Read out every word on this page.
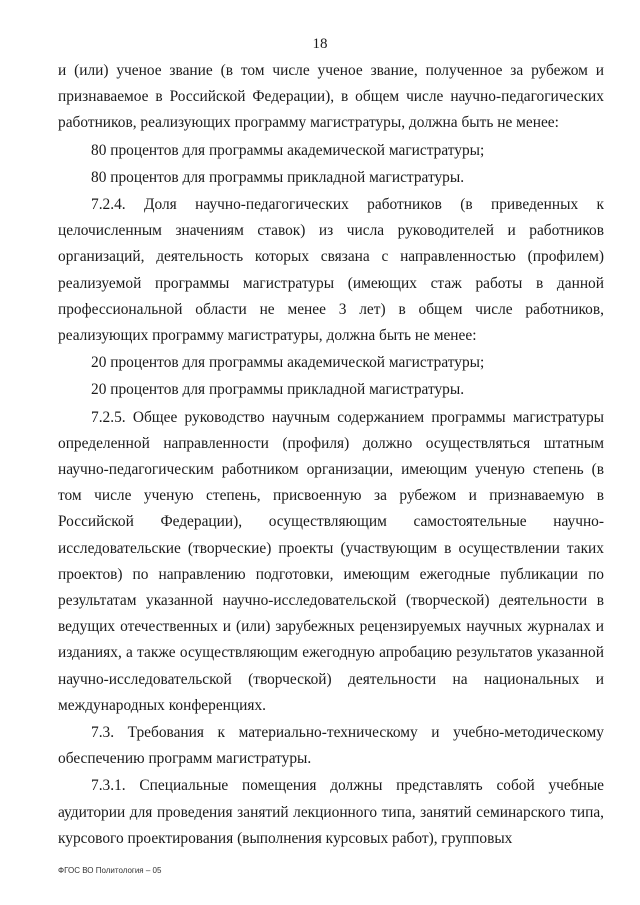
18

и (или) ученое звание (в том числе ученое звание, полученное за рубежом и признаваемое в Российской Федерации), в общем числе научно-педагогических работников, реализующих программу магистратуры, должна быть не менее:

80 процентов для программы академической магистратуры;

80 процентов для программы прикладной магистратуры.

7.2.4. Доля научно-педагогических работников (в приведенных к целочисленным значениям ставок) из числа руководителей и работников организаций, деятельность которых связана с направленностью (профилем) реализуемой программы магистратуры (имеющих стаж работы в данной профессиональной области не менее 3 лет) в общем числе работников, реализующих программу магистратуры, должна быть не менее:

20 процентов для программы академической магистратуры;

20 процентов для программы прикладной магистратуры.

7.2.5. Общее руководство научным содержанием программы магистратуры определенной направленности (профиля) должно осуществляться штатным научно-педагогическим работником организации, имеющим ученую степень (в том числе ученую степень, присвоенную за рубежом и признаваемую в Российской Федерации), осуществляющим самостоятельные научно-исследовательские (творческие) проекты (участвующим в осуществлении таких проектов) по направлению подготовки, имеющим ежегодные публикации по результатам указанной научно-исследовательской (творческой) деятельности в ведущих отечественных и (или) зарубежных рецензируемых научных журналах и изданиях, а также осуществляющим ежегодную апробацию результатов указанной научно-исследовательской (творческой) деятельности на национальных и международных конференциях.

7.3. Требования к материально-техническому и учебно-методическому обеспечению программ магистратуры.

7.3.1. Специальные помещения должны представлять собой учебные аудитории для проведения занятий лекционного типа, занятий семинарского типа, курсового проектирования (выполнения курсовых работ), групповых

ФГОС ВО Политология – 05
